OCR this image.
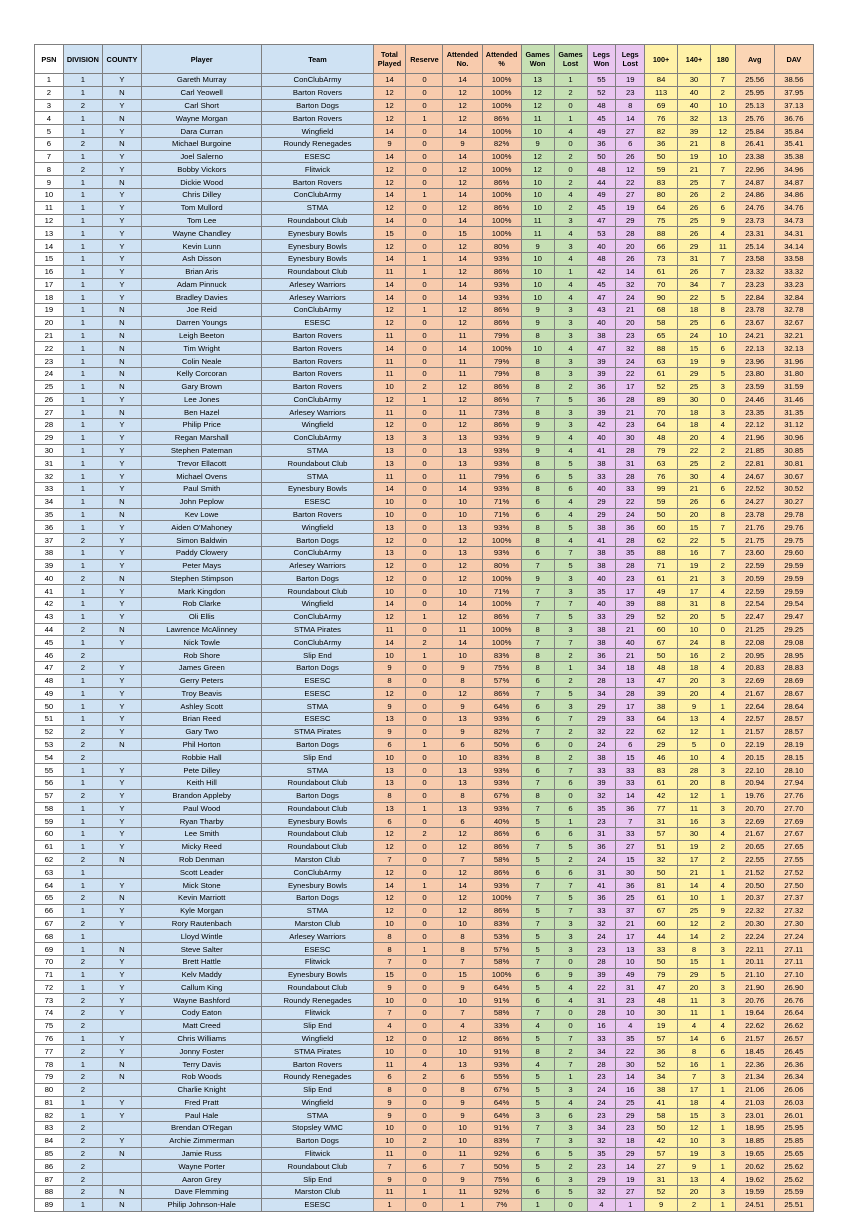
PSN	DIVISION	COUNTY	Player	Team	Total Played	Reserve	Attended No.	Attended %	Games Won	Games Lost	Legs Won	Legs Lost	100+	140+	180	Avg	DAV
1	1	Y	Gareth Murray	ConClubArmy	14	0	14	100%	13	1	55	19	84	30	7	25.56	38.56
2	1	N	Carl Yeowell	Barton Rovers	12	0	12	100%	12	2	52	23	113	40	2	25.95	37.95
3	2	Y	Carl Short	Barton Dogs	12	0	12	100%	12	0	48	8	69	40	10	25.13	37.13
4	1	N	Wayne Morgan	Barton Rovers	12	1	12	86%	11	1	45	14	76	32	13	25.76	36.76
5	1	Y	Dara Curran	Wingfield	14	0	14	100%	10	4	49	27	82	39	12	25.84	35.84
6	2	N	Michael Burgoine	Roundy Renegades	9	0	9	82%	9	0	36	6	36	21	8	26.41	35.41
7	1	Y	Joel Salerno	ESESC	14	0	14	100%	12	2	50	26	50	19	10	23.38	35.38
8	2	Y	Bobby Vickors	Flitwick	12	0	12	100%	12	0	48	12	59	21	7	22.96	34.96
9	1	N	Dickie Wood	Barton Rovers	12	0	12	86%	10	2	44	22	83	25	7	24.87	34.87
10	1	Y	Chris Dilley	ConClubArmy	14	1	14	100%	10	4	49	27	80	26	2	24.86	34.86
11	1	Y	Tom Mullord	STMA	12	0	12	86%	10	2	45	19	64	26	6	24.76	34.76
12	1	Y	Tom Lee	Roundabout Club	14	0	14	100%	11	3	47	29	75	25	9	23.73	34.73
13	1	Y	Wayne Chandley	Eynesbury Bowls	15	0	15	100%	11	4	53	28	88	26	4	23.31	34.31
14	1	Y	Kevin Lunn	Eynesbury Bowls	12	0	12	80%	9	3	40	20	66	29	11	25.14	34.14
15	1	Y	Ash Disson	Eynesbury Bowls	14	1	14	93%	10	4	48	26	73	31	7	23.58	33.58
16	1	Y	Brian Aris	Roundabout Club	11	1	12	86%	10	1	42	14	61	26	7	23.32	33.32
17	1	Y	Adam Pinnuck	Arlesey Warriors	14	0	14	93%	10	4	45	32	70	34	7	23.23	33.23
18	1	Y	Bradley Davies	Arlesey Warriors	14	0	14	93%	10	4	47	24	90	22	5	22.84	32.84
19	1	N	Joe Reid	ConClubArmy	12	1	12	86%	9	3	43	21	68	18	8	23.78	32.78
20	1	N	Darren Youngs	ESESC	12	0	12	86%	9	3	40	20	58	25	6	23.67	32.67
21	1	N	Leigh Beeton	Barton Rovers	11	0	11	79%	8	3	38	23	65	24	10	24.21	32.21
22	1	N	Tim Wright	Barton Rovers	14	0	14	100%	10	4	47	32	88	15	6	22.13	32.13
23	1	N	Colin Neale	Barton Rovers	11	0	11	79%	8	3	39	24	63	19	9	23.96	31.96
24	1	N	Kelly Corcoran	Barton Rovers	11	0	11	79%	8	3	39	22	61	29	5	23.80	31.80
25	1	N	Gary Brown	Barton Rovers	10	2	12	86%	8	2	36	17	52	25	3	23.59	31.59
26	1	Y	Lee Jones	ConClubArmy	12	1	12	86%	7	5	36	28	89	30	0	24.46	31.46
27	1	N	Ben Hazel	Arlesey Warriors	11	0	11	73%	8	3	39	21	70	18	3	23.35	31.35
28	1	Y	Philip Price	Wingfield	12	0	12	86%	9	3	42	23	64	18	4	22.12	31.12
29	1	Y	Regan Marshall	ConClubArmy	13	3	13	93%	9	4	40	30	48	20	4	21.96	30.96
30	1	Y	Stephen Pateman	STMA	13	0	13	93%	9	4	41	28	79	22	2	21.85	30.85
31	1	Y	Trevor Ellacott	Roundabout Club	13	0	13	93%	8	5	38	31	63	25	2	22.81	30.81
32	1	Y	Michael Ovens	STMA	11	0	11	79%	6	5	33	28	76	30	4	24.67	30.67
33	1	Y	Paul Smith	Eynesbury Bowls	14	0	14	93%	8	6	40	33	99	21	6	22.52	30.52
34	1	N	John Peplow	ESESC	10	0	10	71%	6	4	29	22	59	26	6	24.27	30.27
35	1	N	Kev Lowe	Barton Rovers	10	0	10	71%	6	4	29	24	50	20	8	23.78	29.78
36	1	Y	Aiden O'Mahoney	Wingfield	13	0	13	93%	8	5	38	36	60	15	7	21.76	29.76
37	2	Y	Simon Baldwin	Barton Dogs	12	0	12	100%	8	4	41	28	62	22	5	21.75	29.75
38	1	Y	Paddy Clowery	ConClubArmy	13	0	13	93%	6	7	38	35	88	16	7	23.60	29.60
39	1	Y	Peter Mays	Arlesey Warriors	12	0	12	80%	7	5	38	28	71	19	2	22.59	29.59
40	2	N	Stephen Stimpson	Barton Dogs	12	0	12	100%	9	3	40	23	61	21	3	20.59	29.59
41	1	Y	Mark Kingdon	Roundabout Club	10	0	10	71%	7	3	35	17	49	17	4	22.59	29.59
42	1	Y	Rob Clarke	Wingfield	14	0	14	100%	7	7	40	39	88	31	8	22.54	29.54
43	1	Y	Oli Ellis	ConClubArmy	12	1	12	86%	7	5	33	29	52	20	5	22.47	29.47
44	2	N	Lawrence McAlinney	STMA Pirates	11	0	11	100%	8	3	38	21	60	10	0	21.25	29.25
45	1	Y	Nick Towle	ConClubArmy	14	2	14	100%	7	7	38	40	67	24	8	22.08	29.08
46	2		Rob Shore	Slip End	10	1	10	83%	8	2	36	21	50	16	2	20.95	28.95
47	2	Y	James Green	Barton Dogs	9	0	9	75%	8	1	34	18	48	18	4	20.83	28.83
48	1	Y	Gerry Peters	ESESC	8	0	8	57%	6	2	28	13	47	20	3	22.69	28.69
49	1	Y	Troy Beavis	ESESC	12	0	12	86%	7	5	34	28	39	20	4	21.67	28.67
50	1	Y	Ashley Scott	STMA	9	0	9	64%	6	3	29	17	38	9	1	22.64	28.64
51	1	Y	Brian Reed	ESESC	13	0	13	93%	6	7	29	33	64	13	4	22.57	28.57
52	2	Y	Gary Two	STMA Pirates	9	0	9	82%	7	2	32	22	62	12	1	21.57	28.57
53	2	N	Phil Horton	Barton Dogs	6	1	6	50%	6	0	24	6	29	5	0	22.19	28.19
54	2		Robbie Hall	Slip End	10	0	10	83%	8	2	38	15	46	10	4	20.15	28.15
55	1	Y	Pete Dilley	STMA	13	0	13	93%	6	7	33	33	83	28	3	22.10	28.10
56	1	Y	Keith Hill	Roundabout Club	13	0	13	93%	7	6	39	33	61	20	8	20.94	27.94
57	2	Y	Brandon Appleby	Barton Dogs	8	0	8	67%	8	0	32	14	42	12	1	19.76	27.76
58	1	Y	Paul Wood	Roundabout Club	13	1	13	93%	7	6	35	36	77	11	3	20.70	27.70
59	1	Y	Ryan Tharby	Eynesbury Bowls	6	0	6	40%	5	1	23	7	31	16	3	22.69	27.69
60	1	Y	Lee Smith	Roundabout Club	12	2	12	86%	6	6	31	33	57	30	4	21.67	27.67
61	1	Y	Micky Reed	Roundabout Club	12	0	12	86%	7	5	36	27	51	19	2	20.65	27.65
62	2	N	Rob Denman	Marston Club	7	0	7	58%	5	2	24	15	32	17	2	22.55	27.55
63	1		Scott Leader	ConClubArmy	12	0	12	86%	6	6	31	30	50	21	1	21.52	27.52
64	1	Y	Mick Stone	Eynesbury Bowls	14	1	14	93%	7	7	41	36	81	14	4	20.50	27.50
65	2	N	Kevin Marriott	Barton Dogs	12	0	12	100%	7	5	36	25	61	10	1	20.37	27.37
66	1	Y	Kyle Morgan	STMA	12	0	12	86%	5	7	33	37	67	25	9	22.32	27.32
67	2	Y	Rory Rautenbach	Marston Club	10	0	10	83%	7	3	32	21	60	12	2	20.30	27.30
68	1		Lloyd Wintle	Arlesey Warriors	8	0	8	53%	5	3	24	17	44	14	2	22.24	27.24
69	1	N	Steve Salter	ESESC	8	1	8	57%	5	3	23	13	33	8	3	22.11	27.11
70	2	Y	Brett Hattle	Flitwick	7	0	7	58%	7	0	28	10	50	15	1	20.11	27.11
71	1	Y	Kelv Maddy	Eynesbury Bowls	15	0	15	100%	6	9	39	49	79	29	5	21.10	27.10
72	1	Y	Callum King	Roundabout Club	9	0	9	64%	5	4	22	31	47	20	3	21.90	26.90
73	2	Y	Wayne Bashford	Roundy Renegades	10	0	10	91%	6	4	31	23	48	11	3	20.76	26.76
74	2	Y	Cody Eaton	Flitwick	7	0	7	58%	7	0	28	10	30	11	1	19.64	26.64
75	2		Matt Creed	Slip End	4	0	4	33%	4	0	16	4	19	4	4	22.62	26.62
76	1	Y	Chris Williams	Wingfield	12	0	12	86%	5	7	33	35	57	14	6	21.57	26.57
77	2	Y	Jonny Foster	STMA Pirates	10	0	10	91%	8	2	34	22	36	8	6	18.45	26.45
78	1	N	Terry Davis	Barton Rovers	11	4	13	93%	4	7	28	30	52	16	1	22.36	26.36
79	2	N	Rob Woods	Roundy Renegades	6	2	6	55%	5	1	23	14	34	7	3	21.34	26.34
80	2		Charlie Knight	Slip End	8	0	8	67%	5	3	24	16	38	17	1	21.06	26.06
81	1	Y	Fred Pratt	Wingfield	9	0	9	64%	5	4	24	25	41	18	4	21.03	26.03
82	1	Y	Paul Hale	STMA	9	0	9	64%	3	6	23	29	58	15	3	23.01	26.01
83	2		Brendan O'Regan	Stopsley WMC	10	0	10	91%	7	3	34	23	50	12	1	18.95	25.95
84	2	Y	Archie Zimmerman	Barton Dogs	10	2	10	83%	7	3	32	18	42	10	3	18.85	25.85
85	2	N	Jamie Russ	Flitwick	11	0	11	92%	6	5	35	29	57	19	3	19.65	25.65
86	2		Wayne Porter	Roundabout Club	7	6	7	50%	5	2	23	14	27	9	1	20.62	25.62
87	2		Aaron Grey	Slip End	9	0	9	75%	6	3	29	19	31	13	4	19.62	25.62
88	2	N	Dave Flemming	Marston Club	11	1	11	92%	6	5	32	27	52	20	3	19.59	25.59
89	1	N	Philip Johnson-Hale	ESESC	1	0	1	7%	1	0	4	1	9	2	1	24.51	25.51
